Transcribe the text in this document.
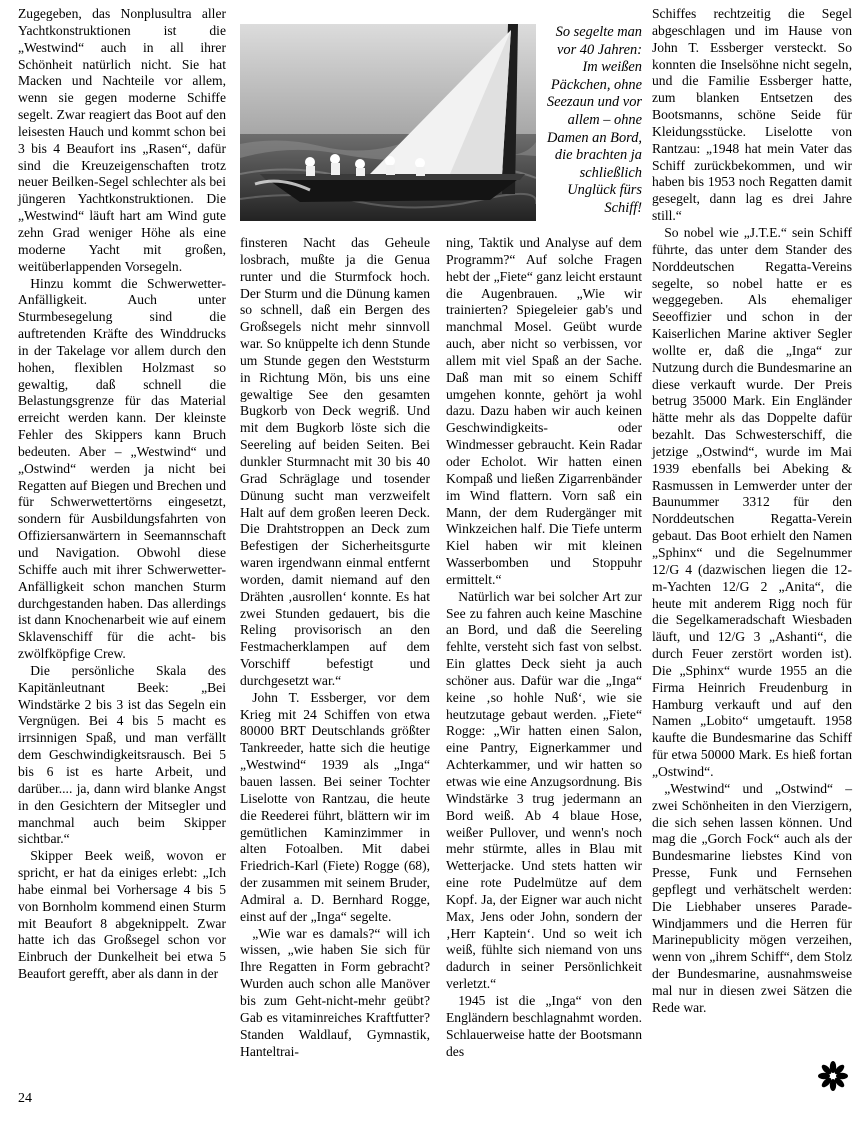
Zugegeben, das Nonplusultra aller Yachtkonstruktionen ist die „Westwind“ auch in all ihrer Schönheit natürlich nicht. Sie hat Macken und Nachteile vor allem, wenn sie gegen moderne Schiffe segelt. Zwar reagiert das Boot auf den leisesten Hauch und kommt schon bei 3 bis 4 Beaufort ins „Rasen“, dafür sind die Kreuzeigenschaften trotz neuer Beilken-Segel schlechter als bei jüngeren Yachtkonstruktionen. Die „Westwind“ läuft hart am Wind gute zehn Grad weniger Höhe als eine moderne Yacht mit großen, weitüberlappenden Vorsegeln.

Hinzu kommt die Schwerwetter-Anfälligkeit. Auch unter Sturmbesegelung sind die auftretenden Kräfte des Winddrucks in der Takelage vor allem durch den hohen, flexiblen Holzmast so gewaltig, daß schnell die Belastungsgrenze für das Material erreicht werden kann. Der kleinste Fehler des Skippers kann Bruch bedeuten. Aber – „Westwind“ und „Ostwind“ werden ja nicht bei Regatten auf Biegen und Brechen und für Schwerwettertörns eingesetzt, sondern für Ausbildungsfahrten von Offiziersanwärtern in Seemannschaft und Navigation. Obwohl diese Schiffe auch mit ihrer Schwerwetter-Anfälligkeit schon manchen Sturm durchgestanden haben. Das allerdings ist dann Knochenarbeit wie auf einem Sklavenschiff für die acht- bis zwölfköpfige Crew.

Die persönliche Skala des Kapitänleutnant Beek: „Bei Windstärke 2 bis 3 ist das Segeln ein Vergnügen. Bei 4 bis 5 macht es irrsinnigen Spaß, und man verfällt dem Geschwindigkeitsrausch. Bei 5 bis 6 ist es harte Arbeit, und darüber.... ja, dann wird blanke Angst in den Gesichtern der Mitsegler und manchmal auch beim Skipper sichtbar.“

Skipper Beek weiß, wovon er spricht, er hat da einiges erlebt: „Ich habe einmal bei Vorhersage 4 bis 5 von Bornholm kommend einen Sturm mit Beaufort 8 abgeknippelt. Zwar hatte ich das Großsegel schon vor Einbruch der Dunkelheit bei etwa 5 Beaufort gerefft, aber als dann in der

So segelte man vor 40 Jahren: Im weißen Päckchen, ohne Seezaun und vor allem – ohne Damen an Bord, die brachten ja schließlich Unglück fürs Schiff!

finsteren Nacht das Geheule losbrach, mußte ja die Genua runter und die Sturmfock hoch. Der Sturm und die Dünung kamen so schnell, daß ein Bergen des Großsegels nicht mehr sinnvoll war. So knüppelte ich denn Stunde um Stunde gegen den Weststurm in Richtung Mön, bis uns eine gewaltige See den gesamten Bugkorb von Deck wegriß. Und mit dem Bugkorb löste sich die Seereling auf beiden Seiten. Bei dunkler Sturmnacht mit 30 bis 40 Grad Schräglage und tosender Dünung sucht man verzweifelt Halt auf dem großen leeren Deck. Die Drahtstroppen an Deck zum Befestigen der Sicherheitsgurte waren irgendwann einmal entfernt worden, damit niemand auf den Drähten ‚ausrollen‘ konnte. Es hat zwei Stunden gedauert, bis die Reling provisorisch an den Festmacherklampen auf dem Vorschiff befestigt und durchgesetzt war.“

John T. Essberger, vor dem Krieg mit 24 Schiffen von etwa 80000 BRT Deutschlands größter Tankreeder, hatte sich die heutige „Westwind“ 1939 als „Inga“ bauen lassen. Bei seiner Tochter Liselotte von Rantzau, die heute die Reederei führt, blättern wir im gemütlichen Kaminzimmer in alten Fotoalben. Mit dabei Friedrich-Karl (Fiete) Rogge (68), der zusammen mit seinem Bruder, Admiral a. D. Bernhard Rogge, einst auf der „Inga“ segelte.

„Wie war es damals?“ will ich wissen, „wie haben Sie sich für Ihre Regatten in Form gebracht? Wurden auch schon alle Manöver bis zum Geht-nicht-mehr geübt? Gab es vitaminreiches Kraftfutter? Standen Waldlauf, Gymnastik, Hanteltrai-

ning, Taktik und Analyse auf dem Programm?“ Auf solche Fragen hebt der „Fiete“ ganz leicht erstaunt die Augenbrauen. „Wie wir trainierten? Spiegeleier gab's und manchmal Mosel. Geübt wurde auch, aber nicht so verbissen, vor allem mit viel Spaß an der Sache. Daß man mit so einem Schiff umgehen konnte, gehört ja wohl dazu. Dazu haben wir auch keinen Geschwindigkeits- oder Windmesser gebraucht. Kein Radar oder Echolot. Wir hatten einen Kompaß und ließen Zigarrenbänder im Wind flattern. Vorn saß ein Mann, der dem Rudergänger mit Winkzeichen half. Die Tiefe unterm Kiel haben wir mit kleinen Wasserbomben und Stoppuhr ermittelt.“

Natürlich war bei solcher Art zur See zu fahren auch keine Maschine an Bord, und daß die Seereling fehlte, versteht sich fast von selbst. Ein glattes Deck sieht ja auch schöner aus. Dafür war die „Inga“ keine ‚so hohle Nuß‘, wie sie heutzutage gebaut werden. „Fiete“ Rogge: „Wir hatten einen Salon, eine Pantry, Eignerkammer und Achterkammer, und wir hatten so etwas wie eine Anzugsordnung. Bis Windstärke 3 trug jedermann an Bord weiß. Ab 4 blaue Hose, weißer Pullover, und wenn's noch mehr stürmte, alles in Blau mit Wetterjacke. Und stets hatten wir eine rote Pudelmütze auf dem Kopf. Ja, der Eigner war auch nicht Max, Jens oder John, sondern der ‚Herr Kaptein‘. Und so weit ich weiß, fühlte sich niemand von uns dadurch in seiner Persönlichkeit verletzt.“

1945 ist die „Inga“ von den Engländern beschlagnahmt worden. Schlauerweise hatte der Bootsmann des

Schiffes rechtzeitig die Segel abgeschlagen und im Hause von John T. Essberger versteckt. So konnten die Inselsöhne nicht segeln, und die Familie Essberger hatte, zum blanken Entsetzen des Bootsmanns, schöne Seide für Kleidungsstücke. Liselotte von Rantzau: „1948 hat mein Vater das Schiff zurückbekommen, und wir haben bis 1953 noch Regatten damit gesegelt, dann lag es drei Jahre still.“

So nobel wie „J.T.E.“ sein Schiff führte, das unter dem Stander des Norddeutschen Regatta-Vereins segelte, so nobel hatte er es weggegeben. Als ehemaliger Seeoffizier und schon in der Kaiserlichen Marine aktiver Segler wollte er, daß die „Inga“ zur Nutzung durch die Bundesmarine an diese verkauft wurde. Der Preis betrug 35000 Mark. Ein Engländer hätte mehr als das Doppelte dafür bezahlt. Das Schwesterschiff, die jetzige „Ostwind“, wurde im Mai 1939 ebenfalls bei Abeking & Rasmussen in Lemwerder unter der Baunummer 3312 für den Norddeutschen Regatta-Verein gebaut. Das Boot erhielt den Namen „Sphinx“ und die Segelnummer 12/G 4 (dazwischen liegen die 12-m-Yachten 12/G 2 „Anita“, die heute mit anderem Rigg noch für die Segelkameradschaft Wiesbaden läuft, und 12/G 3 „Ashanti“, die durch Feuer zerstört worden ist). Die „Sphinx“ wurde 1955 an die Firma Heinrich Freudenburg in Hamburg verkauft und auf den Namen „Lobito“ umgetauft. 1958 kaufte die Bundesmarine das Schiff für etwa 50000 Mark. Es hieß fortan „Ostwind“.

„Westwind“ und „Ostwind“ – zwei Schönheiten in den Vierzigern, die sich sehen lassen können. Und mag die „Gorch Fock“ auch als der Bundesmarine liebstes Kind von Presse, Funk und Fernsehen gepflegt und verhätschelt werden: Die Liebhaber unseres Parade-Windjammers und die Herren für Marinepublicity mögen verzeihen, wenn von „ihrem Schiff“, dem Stolz der Bundesmarine, ausnahmsweise mal nur in diesen zwei Sätzen die Rede war.

24
